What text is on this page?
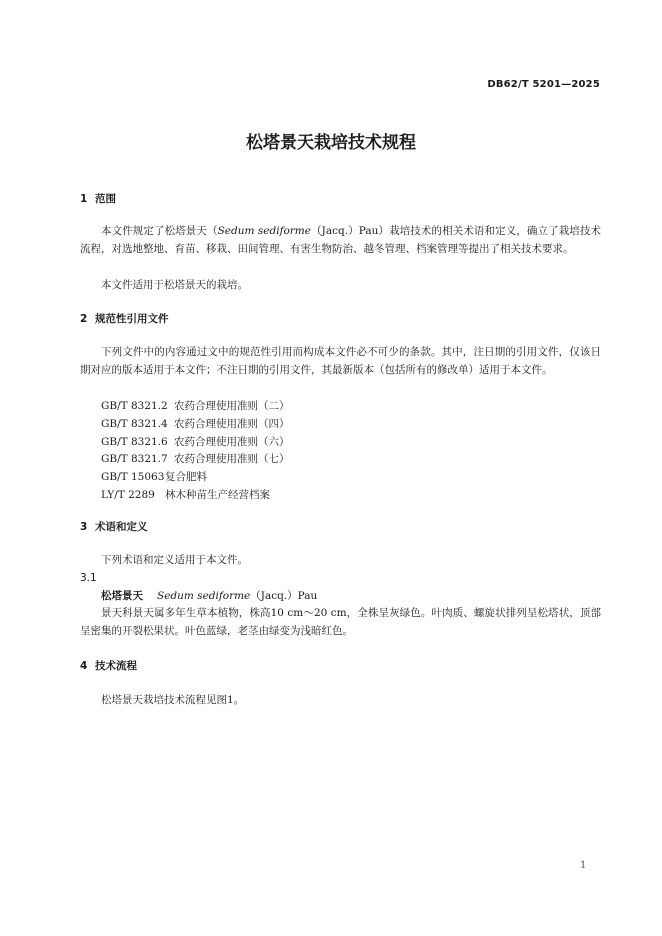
DB62/T 5201—2025
松塔景天栽培技术规程
1 范围
本文件规定了松塔景天（Sedum sediforme（Jacq.）Pau）栽培技术的相关术语和定义，确立了栽培技术流程，对选地整地、育苗、移栽、田间管理、有害生物防治、越冬管理、档案管理等提出了相关技术要求。
本文件适用于松塔景天的栽培。
2 规范性引用文件
下列文件中的内容通过文中的规范性引用而构成本文件必不可少的条款。其中，注日期的引用文件，仅该日期对应的版本适用于本文件；不注日期的引用文件，其最新版本（包括所有的修改单）适用于本文件。
GB/T 8321.2 农药合理使用准则（二）
GB/T 8321.4 农药合理使用准则（四）
GB/T 8321.6 农药合理使用准则（六）
GB/T 8321.7 农药合理使用准则（七）
GB/T 15063复合肥料
LY/T 2289 林木种苗生产经营档案
3 术语和定义
下列术语和定义适用于本文件。
3.1
松塔景天 Sedum sediforme（Jacq.）Pau
景天科景天属多年生草本植物，株高10 cm～20 cm，全株呈灰绿色。叶肉质、螺旋状排列呈松塔状，顶部呈密集的开裂松果状。叶色蓝绿，老茎由绿变为浅暗红色。
4 技术流程
松塔景天栽培技术流程见图1。
1
